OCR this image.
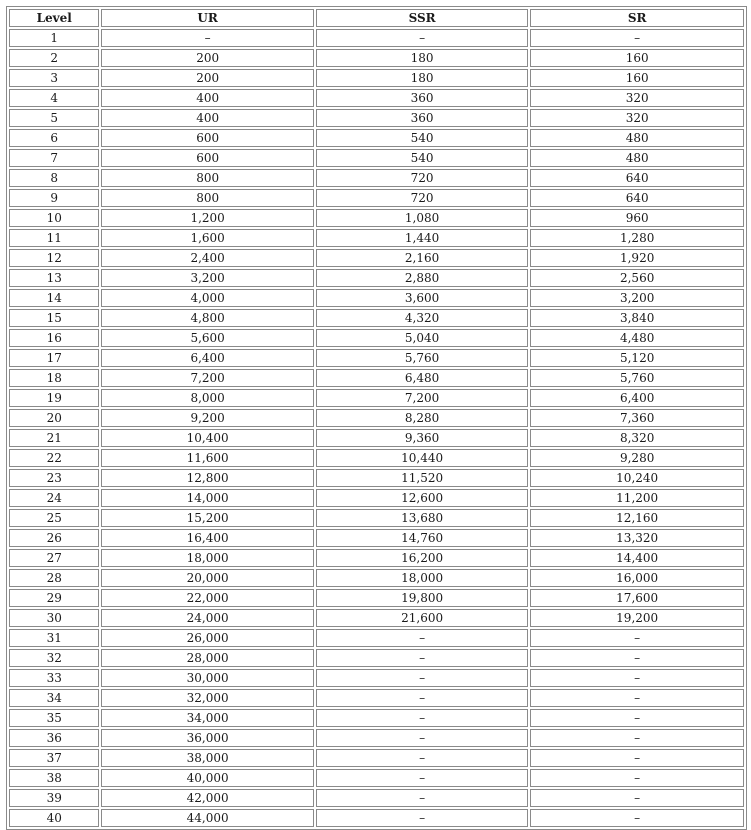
Level	UR	SSR	SR
1	–	–	–
2	200	180	160
3	200	180	160
4	400	360	320
5	400	360	320
6	600	540	480
7	600	540	480
8	800	720	640
9	800	720	640
10	1,200	1,080	960
11	1,600	1,440	1,280
12	2,400	2,160	1,920
13	3,200	2,880	2,560
14	4,000	3,600	3,200
15	4,800	4,320	3,840
16	5,600	5,040	4,480
17	6,400	5,760	5,120
18	7,200	6,480	5,760
19	8,000	7,200	6,400
20	9,200	8,280	7,360
21	10,400	9,360	8,320
22	11,600	10,440	9,280
23	12,800	11,520	10,240
24	14,000	12,600	11,200
25	15,200	13,680	12,160
26	16,400	14,760	13,320
27	18,000	16,200	14,400
28	20,000	18,000	16,000
29	22,000	19,800	17,600
30	24,000	21,600	19,200
31	26,000	–	–
32	28,000	–	–
33	30,000	–	–
34	32,000	–	–
35	34,000	–	–
36	36,000	–	–
37	38,000	–	–
38	40,000	–	–
39	42,000	–	–
40	44,000	–	–
